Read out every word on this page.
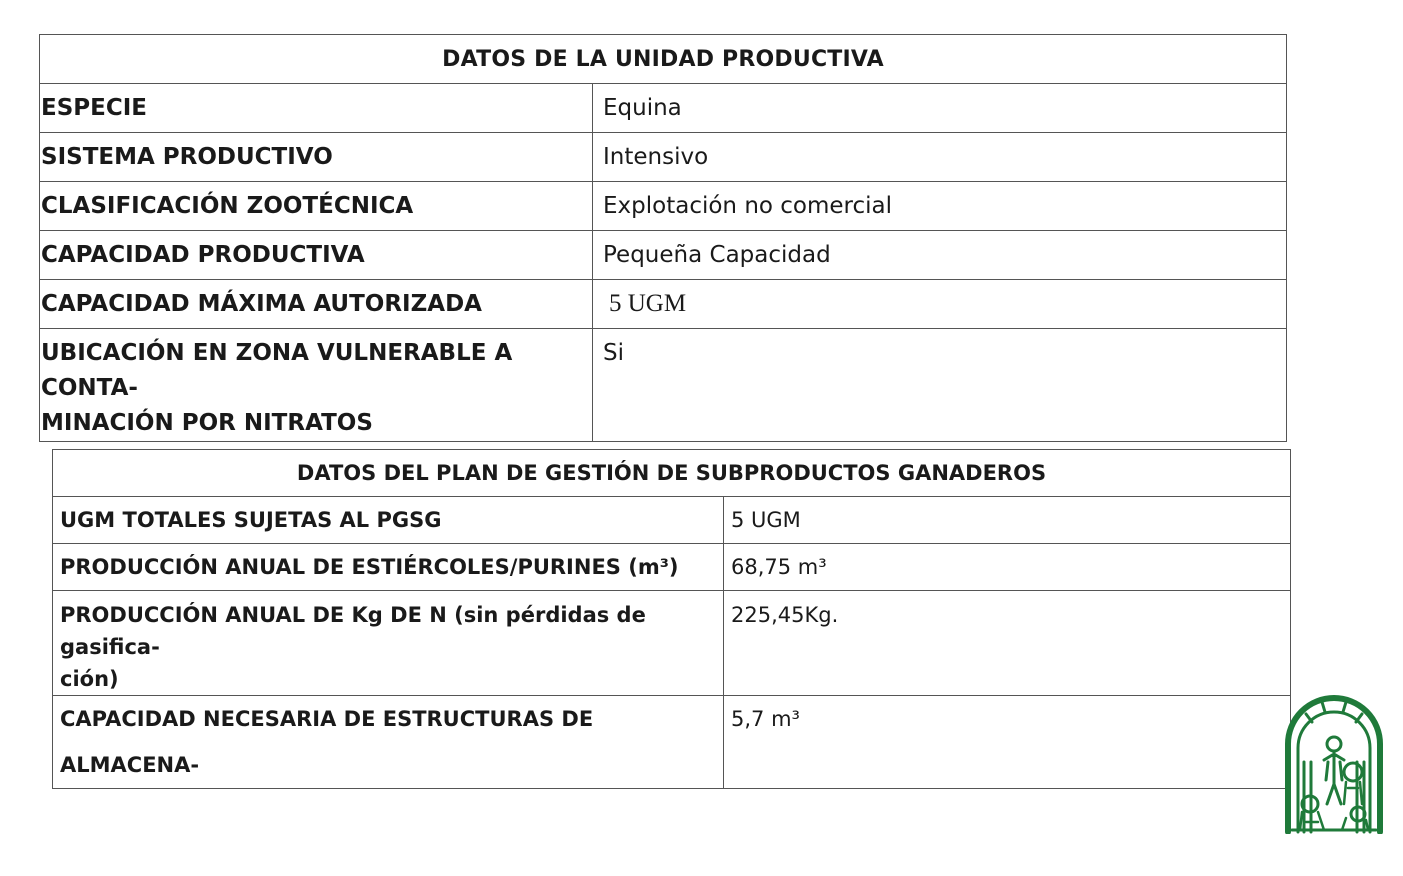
DATOS DE LA UNIDAD PRODUCTIVA	
ESPECIE	Equina
SISTEMA PRODUCTIVO	Intensivo
CLASIFICACIÓN ZOOTÉCNICA	Explotación no comercial
CAPACIDAD PRODUCTIVA	Pequeña Capacidad
CAPACIDAD MÁXIMA AUTORIZADA	5 UGM

UBICACIÓN EN ZONA VULNERABLE A CONTA-
MINACIÓN POR NITRATOS	Si
DATOS DEL PLAN DE GESTIÓN DE SUBPRODUCTOS GANADEROS	
UGM TOTALES SUJETAS AL PGSG	5 UGM
PRODUCCIÓN ANUAL DE ESTIÉRCOLES/PURINES (m³)	68,75 m³

PRODUCCIÓN ANUAL DE Kg DE N (sin pérdidas de gasifica-
ción)	225,45Kg.
CAPACIDAD NECESARIA DE ESTRUCTURAS DE ALMACENA-	5,7 m³
